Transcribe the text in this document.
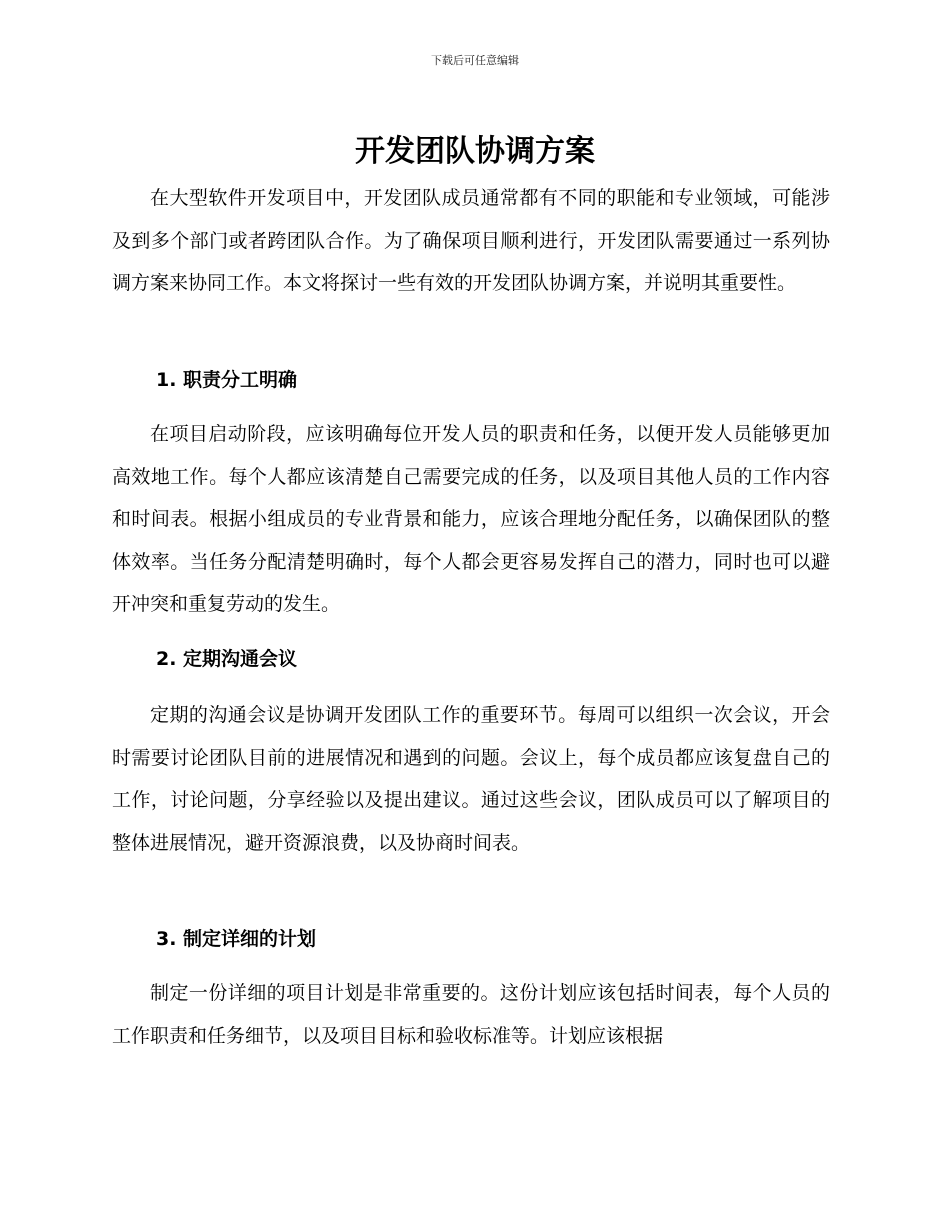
下载后可任意编辑
开发团队协调方案

在大型软件开发项目中，开发团队成员通常都有不同的职能和专业领域，可能涉及到多个部门或者跨团队合作。为了确保项目顺利进行，开发团队需要通过一系列协调方案来协同工作。本文将探讨一些有效的开发团队协调方案，并说明其重要性。

1. 职责分工明确

在项目启动阶段，应该明确每位开发人员的职责和任务，以便开发人员能够更加高效地工作。每个人都应该清楚自己需要完成的任务，以及项目其他人员的工作内容和时间表。根据小组成员的专业背景和能力，应该合理地分配任务，以确保团队的整体效率。当任务分配清楚明确时，每个人都会更容易发挥自己的潜力，同时也可以避开冲突和重复劳动的发生。

2. 定期沟通会议

定期的沟通会议是协调开发团队工作的重要环节。每周可以组织一次会议，开会时需要讨论团队目前的进展情况和遇到的问题。会议上，每个成员都应该复盘自己的工作，讨论问题，分享经验以及提出建议。通过这些会议，团队成员可以了解项目的整体进展情况，避开资源浪费，以及协商时间表。

3. 制定详细的计划

制定一份详细的项目计划是非常重要的。这份计划应该包括时间表，每个人员的工作职责和任务细节，以及项目目标和验收标准等。计划应该根据
